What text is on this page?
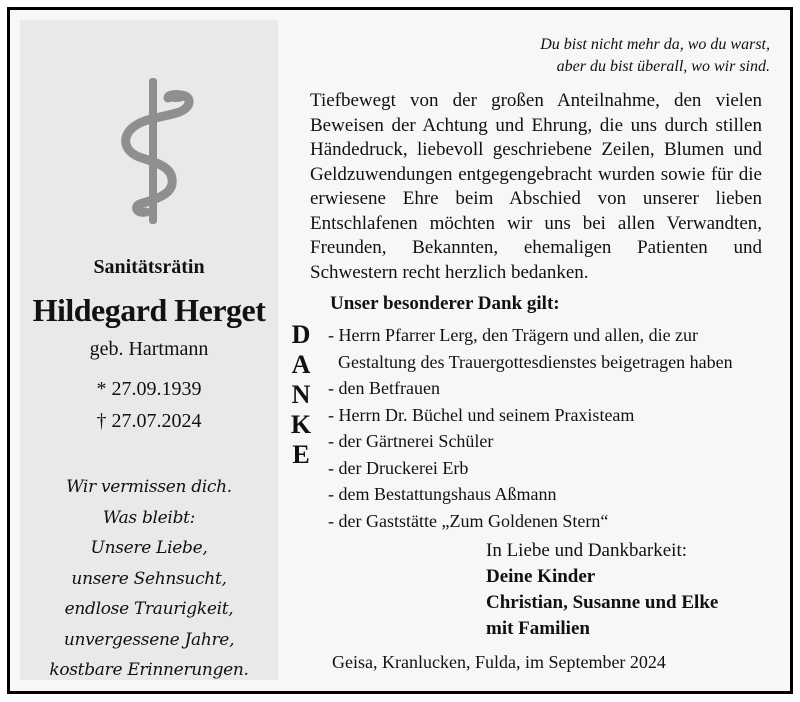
Sanitätsrätin
Hildegard Herget
geb. Hartmann
* 27.09.1939
† 27.07.2024
Wir vermissen dich.
Was bleibt:
Unsere Liebe,
unsere Sehnsucht,
endlose Traurigkeit,
unvergessene Jahre,
kostbare Erinnerungen.
Du bist nicht mehr da, wo du warst,
aber du bist überall, wo wir sind.
Tiefbewegt von der großen Anteilnahme, den vielen Beweisen der Achtung und Ehrung, die uns durch stillen Händedruck, liebevoll geschriebene Zeilen, Blumen und Geldzuwendungen entgegengebracht wurden sowie für die erwiesene Ehre beim Abschied von unserer lieben Entschlafenen möchten wir uns bei allen Verwandten, Freunden, Bekannten, ehemaligen Patienten und Schwestern recht herzlich bedanken.
Unser besonderer Dank gilt:
D
A
N
K
E
- Herrn Pfarrer Lerg, den Trägern und allen, die zur
Gestaltung des Trauergottesdienstes beigetragen haben
- den Betfrauen
- Herrn Dr. Büchel und seinem Praxisteam
- der Gärtnerei Schüler
- der Druckerei Erb
- dem Bestattungshaus Aßmann
- der Gaststätte „Zum Goldenen Stern“
In Liebe und Dankbarkeit:
Deine Kinder
Christian, Susanne und Elke
mit Familien
Geisa, Kranlucken, Fulda, im September 2024
